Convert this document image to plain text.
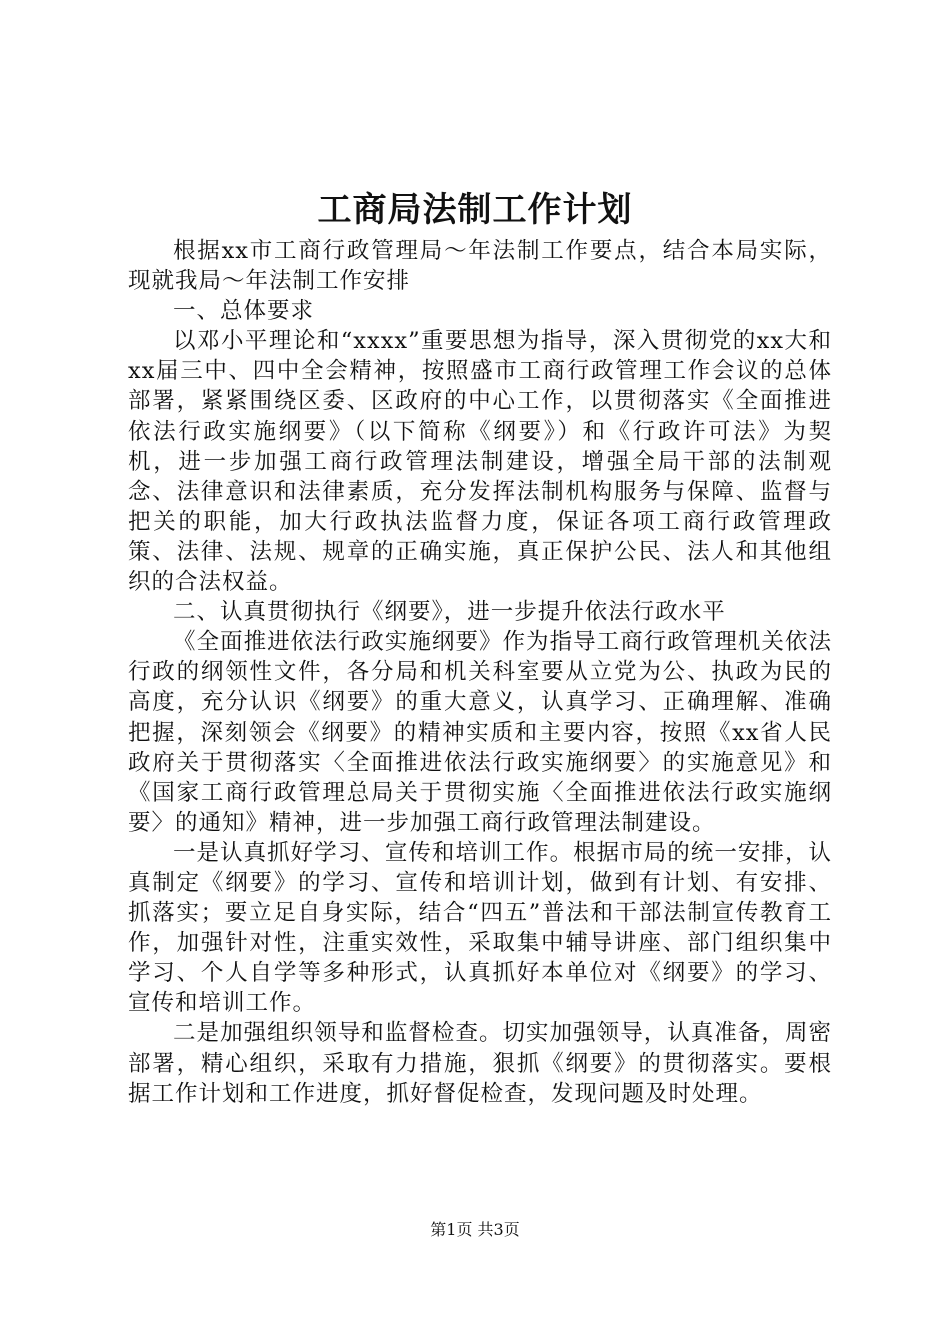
工商局法制工作计划

根据xx市工商行政管理局～年法制工作要点，结合本局实际，现就我局～年法制工作安排

一、总体要求

以邓小平理论和“xxxx”重要思想为指导，深入贯彻党的xx大和xx届三中、四中全会精神，按照盛市工商行政管理工作会议的总体部署，紧紧围绕区委、区政府的中心工作，以贯彻落实《全面推进依法行政实施纲要》（以下简称《纲要》）和《行政许可法》为契机，进一步加强工商行政管理法制建设，增强全局干部的法制观念、法律意识和法律素质，充分发挥法制机构服务与保障、监督与把关的职能，加大行政执法监督力度，保证各项工商行政管理政策、法律、法规、规章的正确实施，真正保护公民、法人和其他组织的合法权益。

二、认真贯彻执行《纲要》，进一步提升依法行政水平

《全面推进依法行政实施纲要》作为指导工商行政管理机关依法行政的纲领性文件，各分局和机关科室要从立党为公、执政为民的高度，充分认识《纲要》的重大意义，认真学习、正确理解、准确把握，深刻领会《纲要》的精神实质和主要内容，按照《xx省人民政府关于贯彻落实〈全面推进依法行政实施纲要〉的实施意见》和《国家工商行政管理总局关于贯彻实施〈全面推进依法行政实施纲要〉的通知》精神，进一步加强工商行政管理法制建设。

一是认真抓好学习、宣传和培训工作。根据市局的统一安排，认真制定《纲要》的学习、宣传和培训计划，做到有计划、有安排、抓落实；要立足自身实际，结合“四五”普法和干部法制宣传教育工作，加强针对性，注重实效性，采取集中辅导讲座、部门组织集中学习、个人自学等多种形式，认真抓好本单位对《纲要》的学习、宣传和培训工作。

二是加强组织领导和监督检查。切实加强领导，认真准备，周密部署，精心组织，采取有力措施，狠抓《纲要》的贯彻落实。要根据工作计划和工作进度，抓好督促检查，发现问题及时处理。

第1页 共3页
